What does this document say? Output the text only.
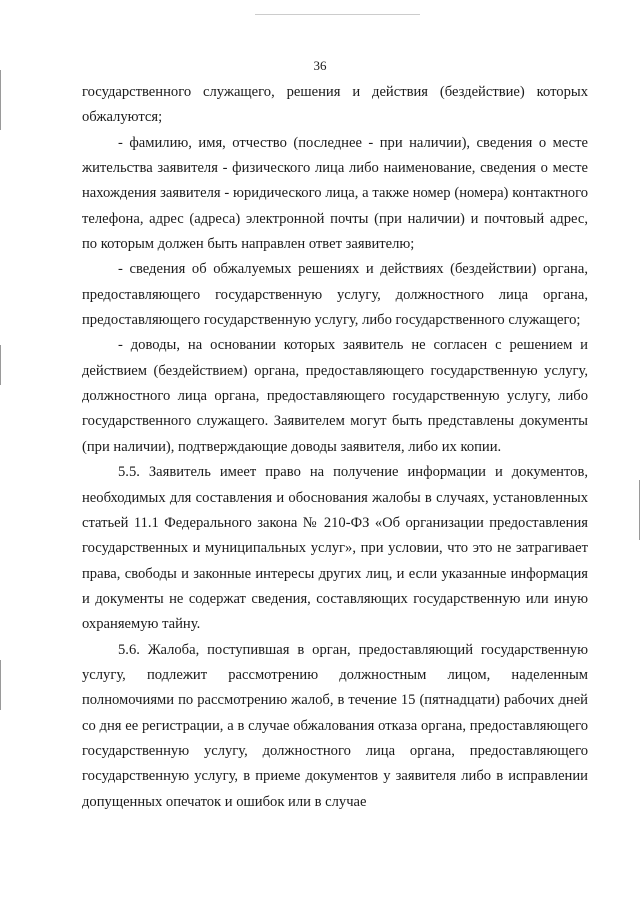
36

государственного служащего, решения и действия (бездействие) которых обжалуются;

- фамилию, имя, отчество (последнее - при наличии), сведения о месте жительства заявителя - физического лица либо наименование, сведения о месте нахождения заявителя - юридического лица, а также номер (номера) контактного телефона, адрес (адреса) электронной почты (при наличии) и почтовый адрес, по которым должен быть направлен ответ заявителю;

- сведения об обжалуемых решениях и действиях (бездействии) органа, предоставляющего государственную услугу, должностного лица органа, предоставляющего государственную услугу, либо государственного служащего;

- доводы, на основании которых заявитель не согласен с решением и действием (бездействием) органа, предоставляющего государственную услугу, должностного лица органа, предоставляющего государственную услугу, либо государственного служащего. Заявителем могут быть представлены документы (при наличии), подтверждающие доводы заявителя, либо их копии.

5.5. Заявитель имеет право на получение информации и документов, необходимых для составления и обоснования жалобы в случаях, установленных статьей 11.1 Федерального закона № 210-ФЗ «Об организации предоставления государственных и муниципальных услуг», при условии, что это не затрагивает права, свободы и законные интересы других лиц, и если указанные информация и документы не содержат сведения, составляющих государственную или иную охраняемую тайну.

5.6. Жалоба, поступившая в орган, предоставляющий государственную услугу, подлежит рассмотрению должностным лицом, наделенным полномочиями по рассмотрению жалоб, в течение 15 (пятнадцати) рабочих дней со дня ее регистрации, а в случае обжалования отказа органа, предоставляющего государственную услугу, должностного лица органа, предоставляющего государственную услугу, в приеме документов у заявителя либо в исправлении допущенных опечаток и ошибок или в случае
